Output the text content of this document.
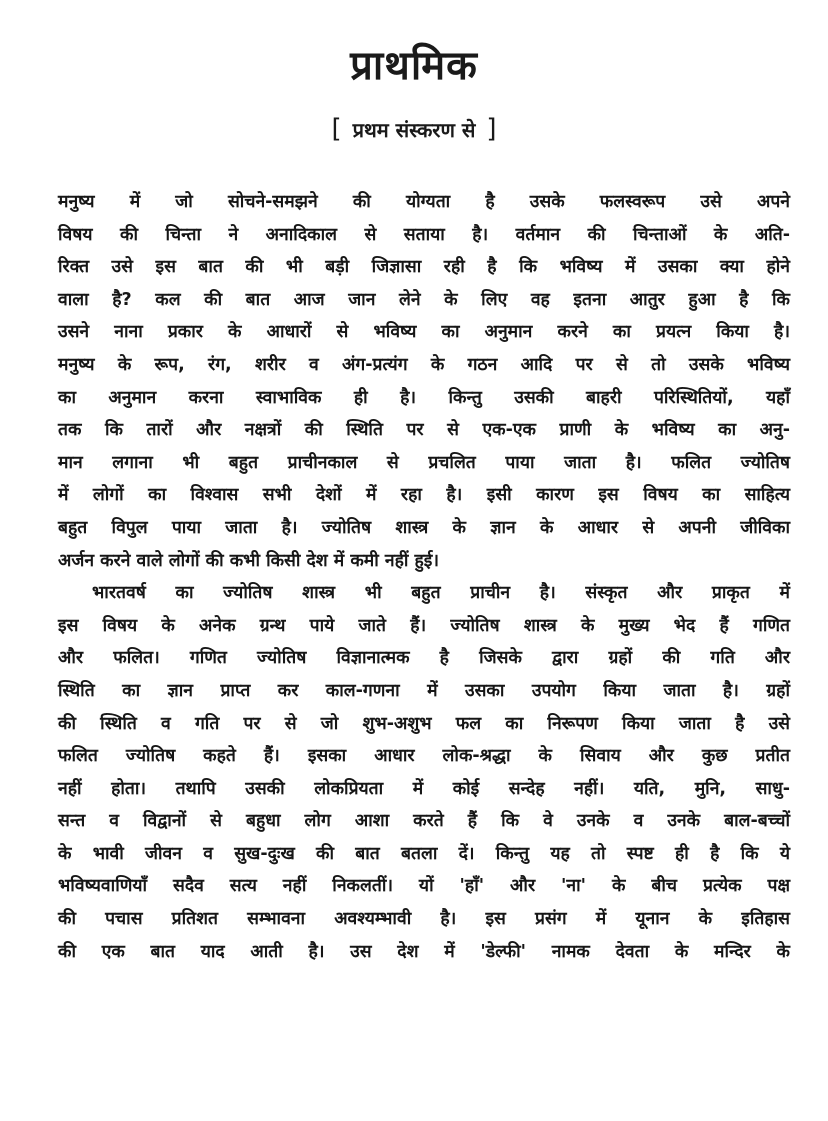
प्राथमिक
[ प्रथम संस्करण से ]
मनुष्य में जो सोचने-समझने की योग्यता है उसके फलस्वरूप उसे अपने
विषय की चिन्ता ने अनादिकाल से सताया है। वर्तमान की चिन्ताओं के अति-
रिक्त उसे इस बात की भी बड़ी जिज्ञासा रही है कि भविष्य में उसका क्या होने
वाला है? कल की बात आज जान लेने के लिए वह इतना आतुर हुआ है कि
उसने नाना प्रकार के आधारों से भविष्य का अनुमान करने का प्रयत्न किया है।
मनुष्य के रूप, रंग, शरीर व अंग-प्रत्यंग के गठन आदि पर से तो उसके भविष्य
का अनुमान करना स्वाभाविक ही है। किन्तु उसकी बाहरी परिस्थितियों, यहाँ
तक कि तारों और नक्षत्रों की स्थिति पर से एक-एक प्राणी के भविष्य का अनु-
मान लगाना भी बहुत प्राचीनकाल से प्रचलित पाया जाता है। फलित ज्योतिष
में लोगों का विश्वास सभी देशों में रहा है। इसी कारण इस विषय का साहित्य
बहुत विपुल पाया जाता है। ज्योतिष शास्त्र के ज्ञान के आधार से अपनी जीविका
अर्जन करने वाले लोगों की कभी किसी देश में कमी नहीं हुई।
भारतवर्ष का ज्योतिष शास्त्र भी बहुत प्राचीन है। संस्कृत और प्राकृत में
इस विषय के अनेक ग्रन्थ पाये जाते हैं। ज्योतिष शास्त्र के मुख्य भेद हैं गणित
और फलित। गणित ज्योतिष विज्ञानात्मक है जिसके द्वारा ग्रहों की गति और
स्थिति का ज्ञान प्राप्त कर काल-गणना में उसका उपयोग किया जाता है। ग्रहों
की स्थिति व गति पर से जो शुभ-अशुभ फल का निरूपण किया जाता है उसे
फलित ज्योतिष कहते हैं। इसका आधार लोक-श्रद्धा के सिवाय और कुछ प्रतीत
नहीं होता। तथापि उसकी लोकप्रियता में कोई सन्देह नहीं। यति, मुनि, साधु-
सन्त व विद्वानों से बहुधा लोग आशा करते हैं कि वे उनके व उनके बाल-बच्चों
के भावी जीवन व सुख-दुःख की बात बतला दें। किन्तु यह तो स्पष्ट ही है कि ये
भविष्यवाणियाँ सदैव सत्य नहीं निकलतीं। यों 'हाँ' और 'ना' के बीच प्रत्येक पक्ष
की पचास प्रतिशत सम्भावना अवश्यम्भावी है। इस प्रसंग में यूनान के इतिहास
की एक बात याद आती है। उस देश में 'डेल्फी' नामक देवता के मन्दिर के
